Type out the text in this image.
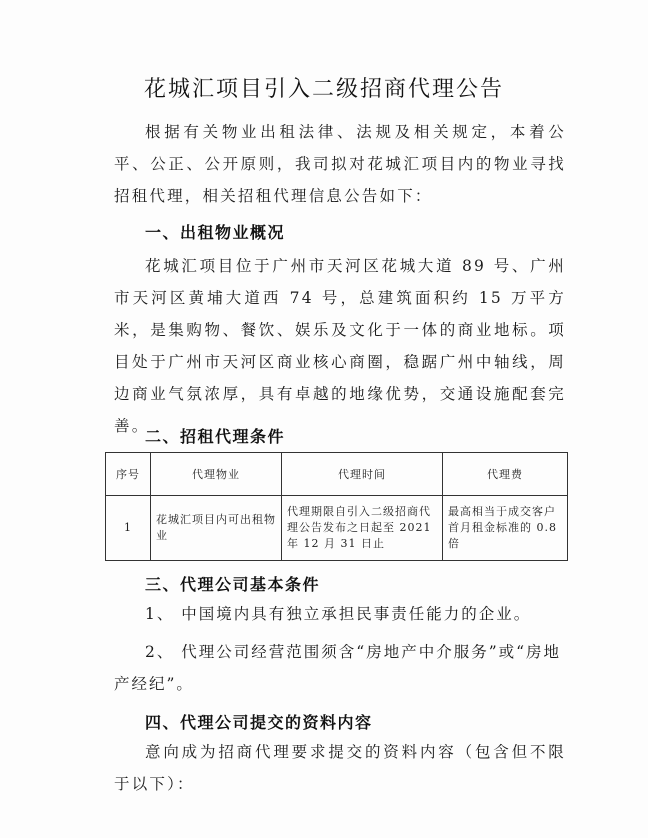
花城汇项目引入二级招商代理公告
根据有关物业出租法律、法规及相关规定，本着公平、公正、公开原则，我司拟对花城汇项目内的物业寻找招租代理，相关招租代理信息公告如下：
一、出租物业概况
花城汇项目位于广州市天河区花城大道 89 号、广州市天河区黄埔大道西 74 号，总建筑面积约 15 万平方米，是集购物、餐饮、娱乐及文化于一体的商业地标。项目处于广州市天河区商业核心商圈，稳踞广州中轴线，周边商业气氛浓厚，具有卓越的地缘优势，交通设施配套完善。
二、招租代理条件
序号	代理物业	代理时间	代理费
1	花城汇项目内可出租物业	代理期限自引入二级招商代理公告发布之日起至 2021 年 12 月 31 日止	最高相当于成交客户首月租金标准的 0.8 倍
三、代理公司基本条件
1、 中国境内具有独立承担民事责任能力的企业。
2、 代理公司经营范围须含“房地产中介服务”或“房地产经纪”。
四、代理公司提交的资料内容
意向成为招商代理要求提交的资料内容（包含但不限于以下）：
